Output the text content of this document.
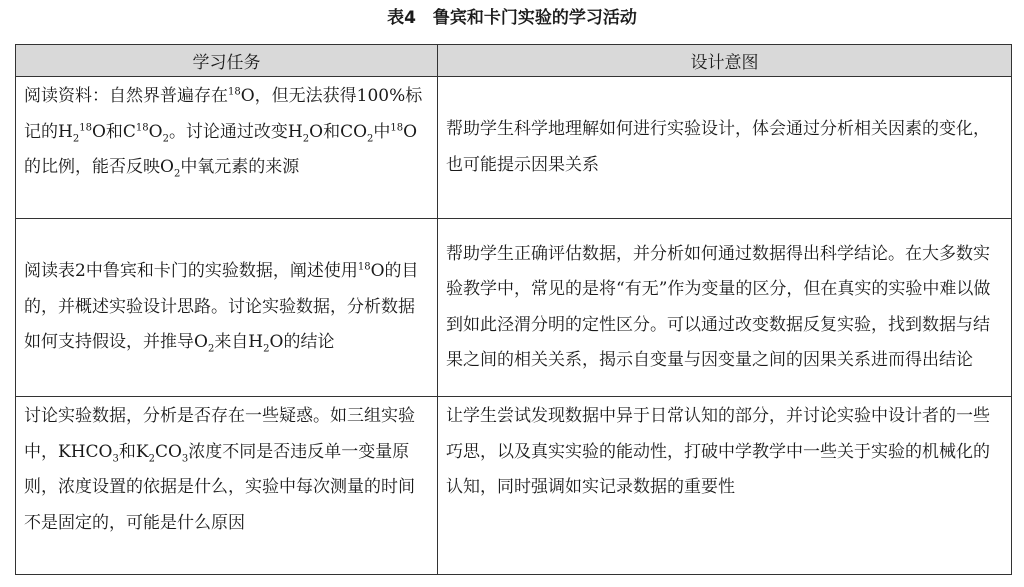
表4　鲁宾和卡门实验的学习活动
学习任务	设计意图
阅读资料：自然界普遍存在$^{18}$O，但无法获得100%标记的$H_2^{18}O$和$C^{18}O_2$。讨论通过改变$H_2O$和$CO_2$中$^{18}$O的比例，能否反映$O_2$中氧元素的来源	帮助学生科学地理解如何进行实验设计，体会通过分析相关因素的变化，也可能提示因果关系
阅读表2中鲁宾和卡门的实验数据，阐述使用$^{18}$O的目的，并概述实验设计思路。讨论实验数据，分析数据如何支持假设，并推导$O_2$来自$H_2O$的结论	帮助学生正确评估数据，并分析如何通过数据得出科学结论。在大多数实验教学中，常见的是将“有无”作为变量的区分，但在真实的实验中难以做到如此泾渭分明的定性区分。可以通过改变数据反复实验，找到数据与结果之间的相关关系，揭示自变量与因变量之间的因果关系进而得出结论
讨论实验数据，分析是否存在一些疑惑。如三组实验中，$KHCO_3$和$K_2CO_3$浓度不同是否违反单一变量原则，浓度设置的依据是什么，实验中每次测量的时间不是固定的，可能是什么原因	让学生尝试发现数据中异于日常认知的部分，并讨论实验中设计者的一些巧思，以及真实实验的能动性，打破中学教学中一些关于实验的机械化的认知，同时强调如实记录数据的重要性
